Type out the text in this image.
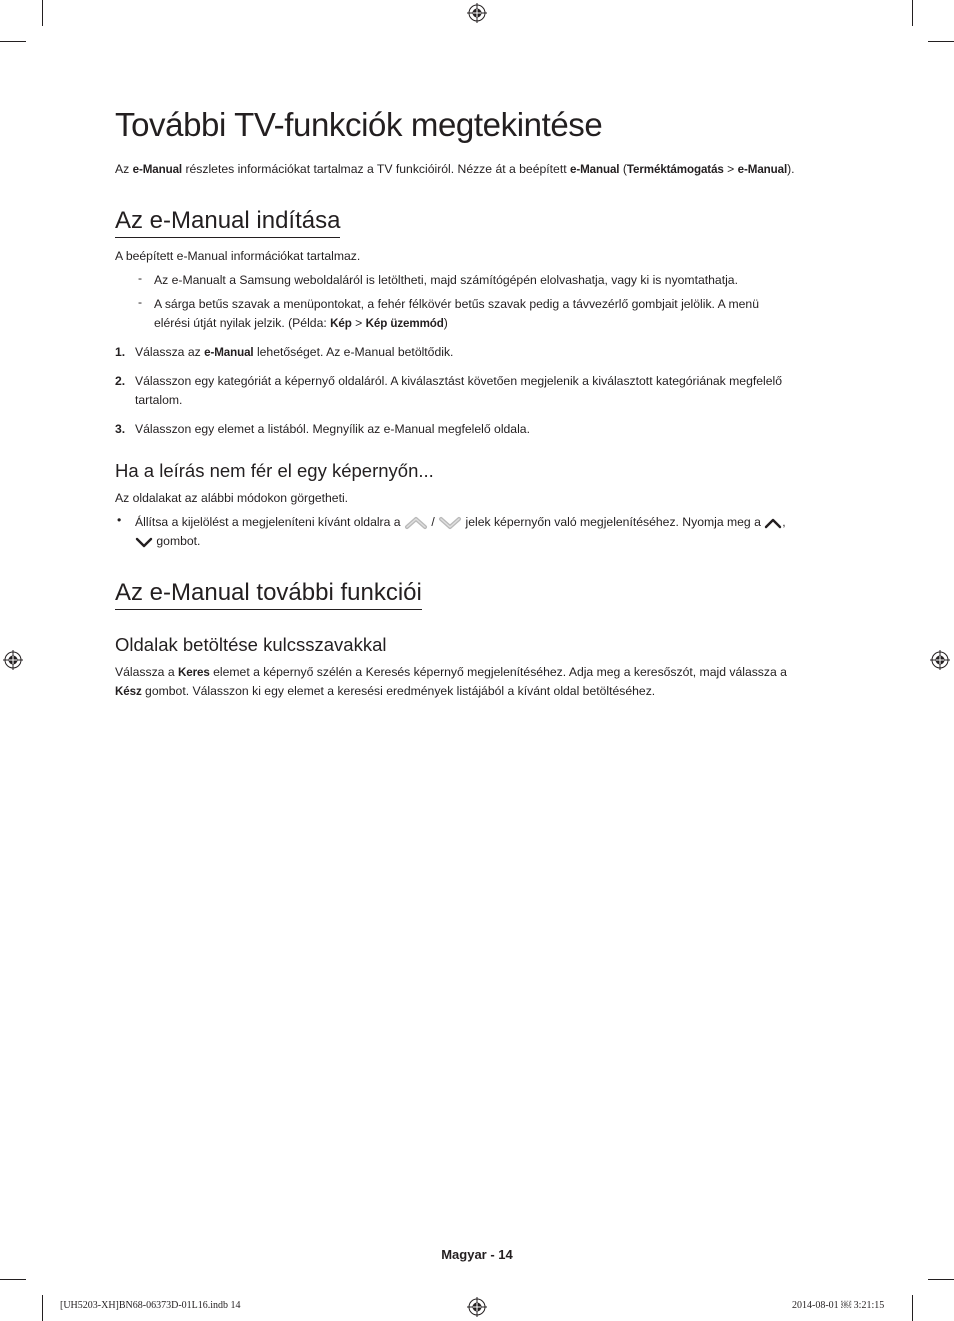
További TV-funkciók megtekintése
Az e-Manual részletes információkat tartalmaz a TV funkcióiról. Nézze át a beépített e-Manual (Terméktámogatás > e-Manual).
Az e-Manual indítása
A beépített e-Manual információkat tartalmaz.
- Az e-Manualt a Samsung weboldaláról is letöltheti, majd számítógépén elolvashatja, vagy ki is nyomtathatja.
- A sárga betűs szavak a menüpontokat, a fehér félkövér betűs szavak pedig a távvezérlő gombjait jelölik. A menü
elérési útját nyilak jelzik. (Példa: Kép > Kép üzemmód)
1. Válassza az e-Manual lehetőséget. Az e-Manual betöltődik.
2. Válasszon egy kategóriát a képernyő oldaláról. A kiválasztást követően megjelenik a kiválasztott kategóriának megfelelő
tartalom.
3. Válasszon egy elemet a listából. Megnyílik az e-Manual megfelelő oldala.
Ha a leírás nem fér el egy képernyőn...
Az oldalakat az alábbi módokon görgetheti.
• Állítsa a kijelölést a megjeleníteni kívánt oldalra a  /  jelek képernyőn való megjelenítéséhez. Nyomja meg a ,
gombot.
Az e-Manual további funkciói
Oldalak betöltése kulcsszavakkal
Válassza a Keres elemet a képernyő szélén a Keresés képernyő megjelenítéséhez. Adja meg a keresőszót, majd válassza a
Kész gombot. Válasszon ki egy elemet a keresési eredmények listájából a kívánt oldal betöltéséhez.
Magyar - 14
[UH5203-XH]BN68-06373D-01L16.indb 14	2014-08-01 ￼ 3:21:15
